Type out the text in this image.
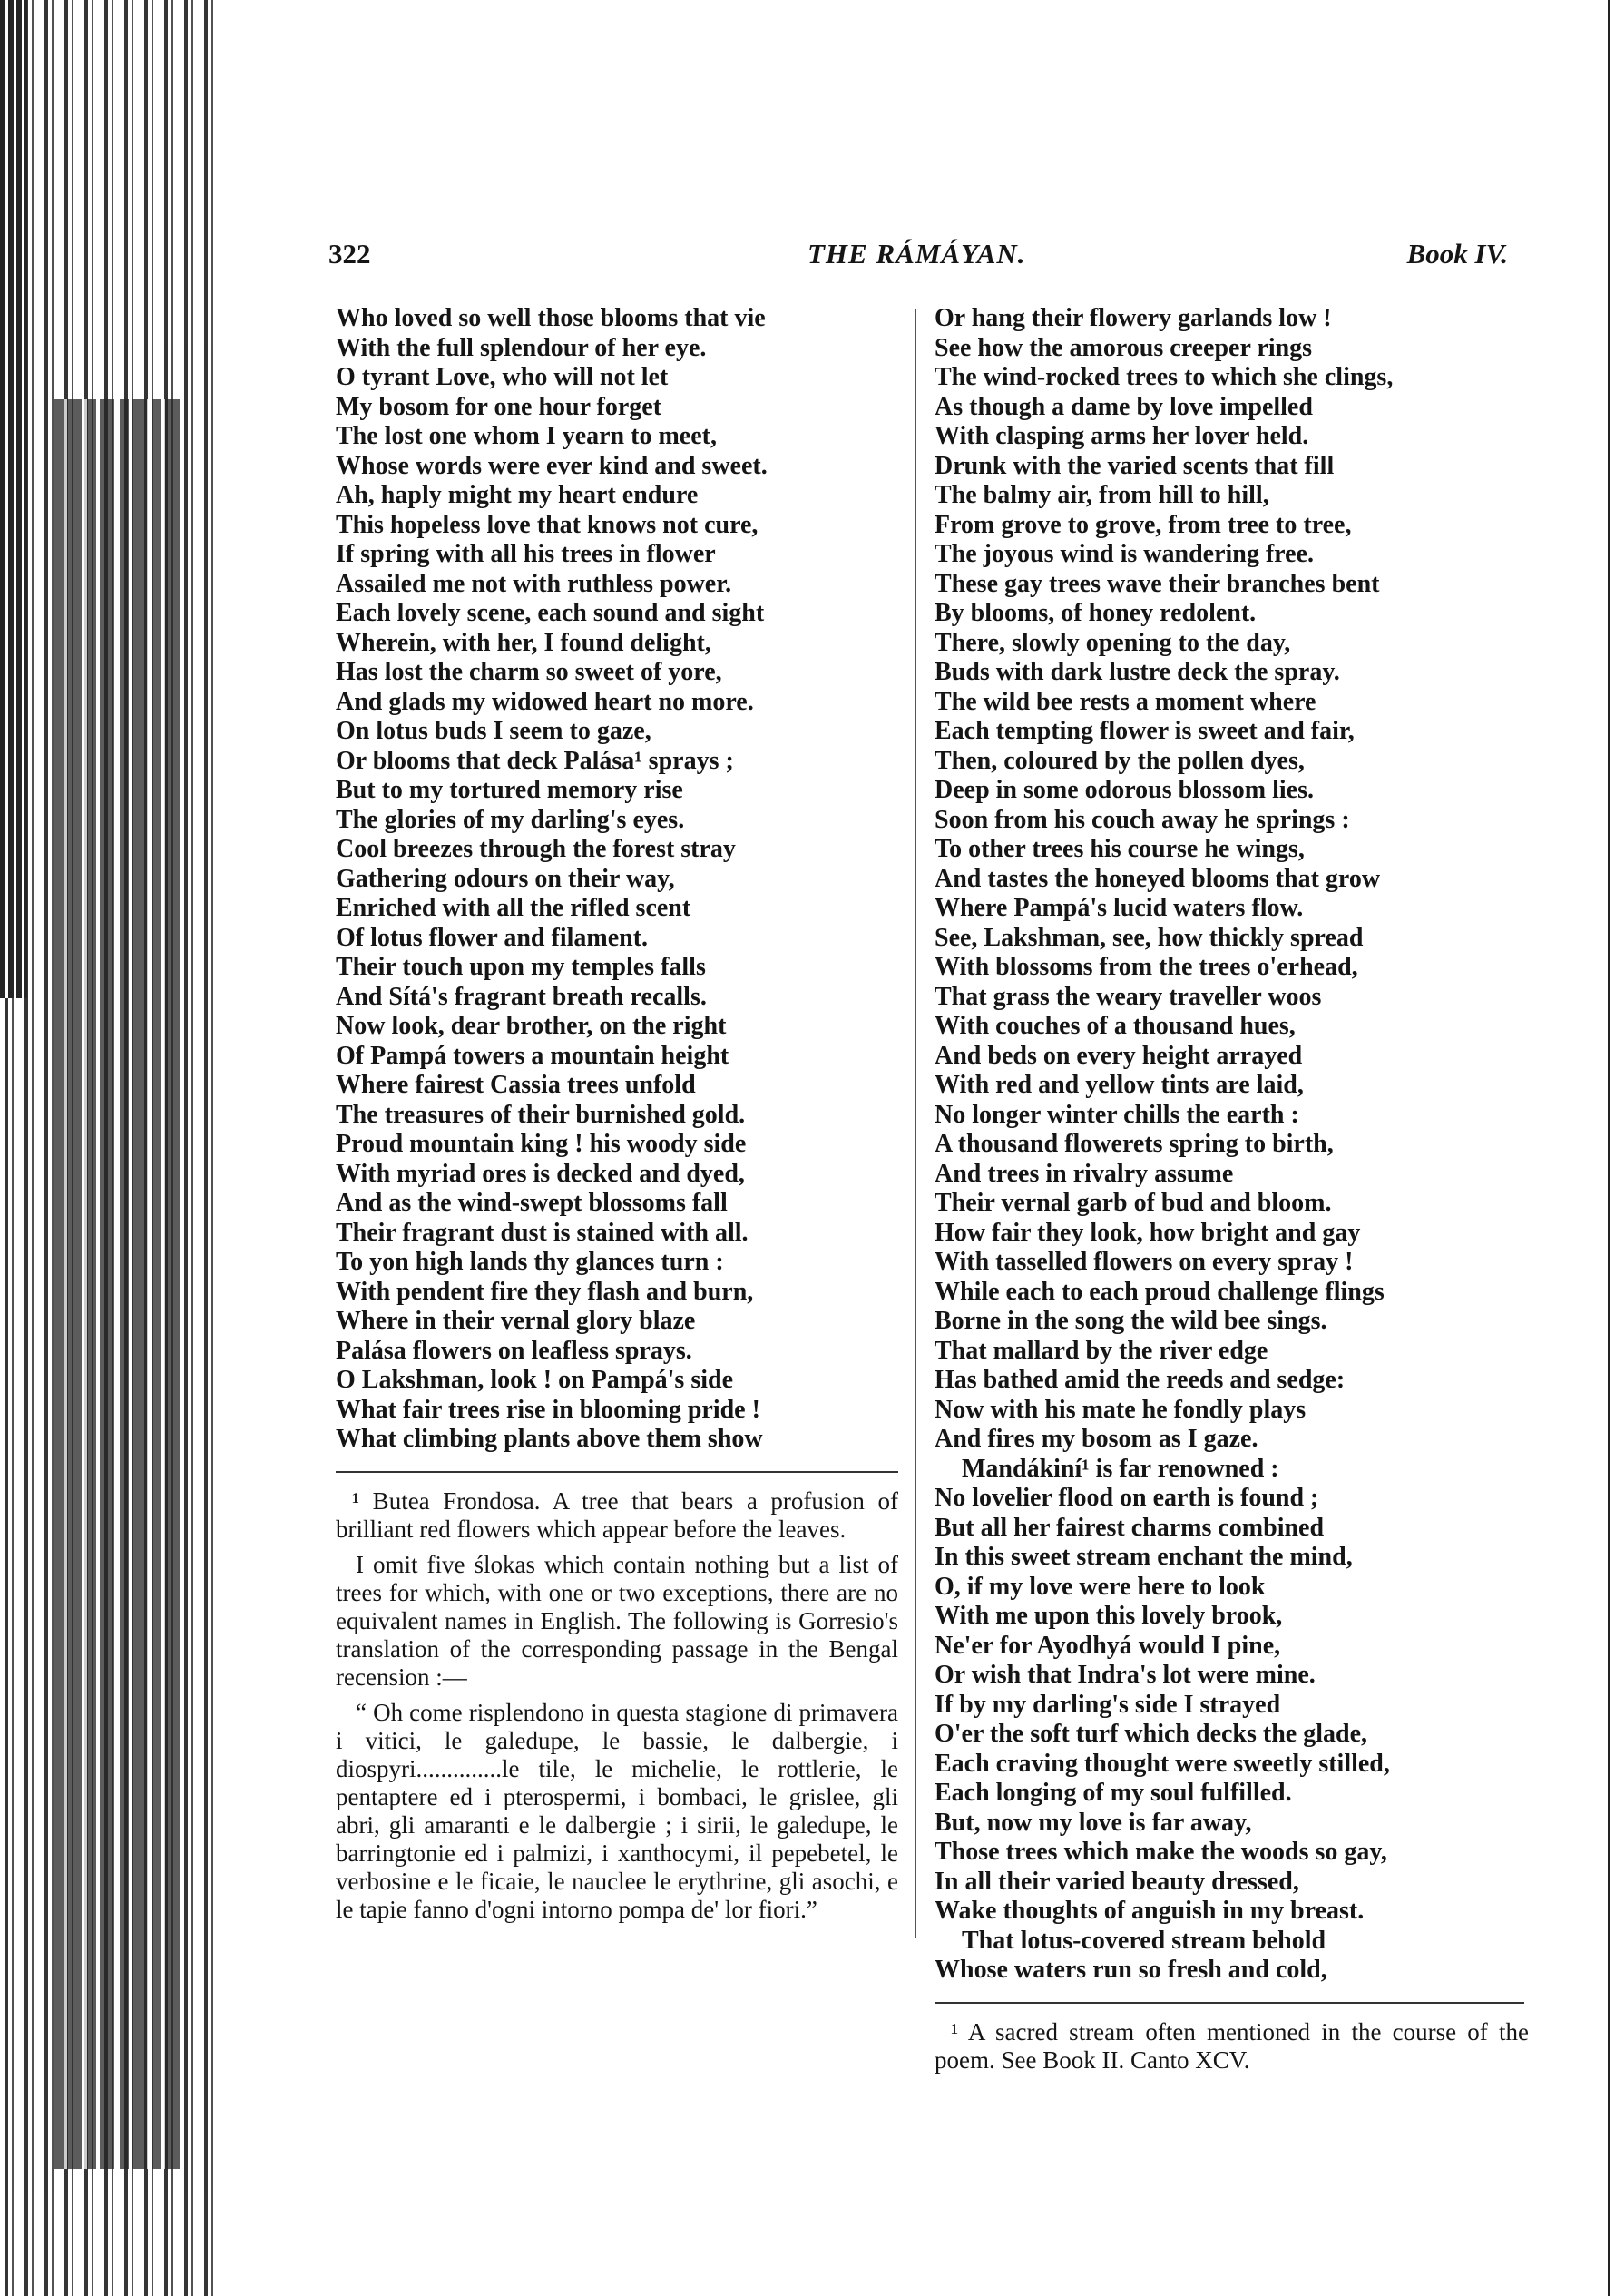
322	THE RÁMÁYAN.	Book IV.
Who loved so well those blooms that vie
With the full splendour of her eye.
O tyrant Love, who will not let
My bosom for one hour forget
The lost one whom I yearn to meet,
Whose words were ever kind and sweet.
Ah, haply might my heart endure
This hopeless love that knows not cure,
If spring with all his trees in flower
Assailed me not with ruthless power.
Each lovely scene, each sound and sight
Wherein, with her, I found delight,
Has lost the charm so sweet of yore,
And glads my widowed heart no more.
On lotus buds I seem to gaze,
Or blooms that deck Palása¹ sprays ;
But to my tortured memory rise
The glories of my darling's eyes.
Cool breezes through the forest stray
Gathering odours on their way,
Enriched with all the rifled scent
Of lotus flower and filament.
Their touch upon my temples falls
And Sítá's fragrant breath recalls.
Now look, dear brother, on the right
Of Pampá towers a mountain height
Where fairest Cassia trees unfold
The treasures of their burnished gold.
Proud mountain king ! his woody side
With myriad ores is decked and dyed,
And as the wind-swept blossoms fall
Their fragrant dust is stained with all.
To yon high lands thy glances turn :
With pendent fire they flash and burn,
Where in their vernal glory blaze
Palása flowers on leafless sprays.
O Lakshman, look ! on Pampá's side
What fair trees rise in blooming pride !
What climbing plants above them show

¹ Butea Frondosa. A tree that bears a profusion of brilliant red flowers which appear before the leaves.

I omit five ślokas which contain nothing but a list of trees for which, with one or two exceptions, there are no equivalent names in English. The following is Gorresio's translation of the corresponding passage in the Bengal recension :—

“ Oh come risplendono in questa stagione di primavera i vitici, le galedupe, le bassie, le dalbergie, i diospyri..............le tile, le michelie, le rottlerie, le pentaptere ed i pterospermi, i bombaci, le grislee, gli abri, gli amaranti e le dalbergie ; i sirii, le galedupe, le barringtonie ed i palmizi, i xanthocymi, il pepebetel, le verbosine e le ficaie, le nauclee le erythrine, gli asochi, e le tapie fanno d'ogni intorno pompa de' lor fiori.”

Or hang their flowery garlands low !
See how the amorous creeper rings
The wind-rocked trees to which she clings,
As though a dame by love impelled
With clasping arms her lover held.
Drunk with the varied scents that fill
The balmy air, from hill to hill,
From grove to grove, from tree to tree,
The joyous wind is wandering free.
These gay trees wave their branches bent
By blooms, of honey redolent.
There, slowly opening to the day,
Buds with dark lustre deck the spray.
The wild bee rests a moment where
Each tempting flower is sweet and fair,
Then, coloured by the pollen dyes,
Deep in some odorous blossom lies.
Soon from his couch away he springs :
To other trees his course he wings,
And tastes the honeyed blooms that grow
Where Pampá's lucid waters flow.
See, Lakshman, see, how thickly spread
With blossoms from the trees o'erhead,
That grass the weary traveller woos
With couches of a thousand hues,
And beds on every height arrayed
With red and yellow tints are laid,
No longer winter chills the earth :
A thousand flowerets spring to birth,
And trees in rivalry assume
Their vernal garb of bud and bloom.
How fair they look, how bright and gay
With tasselled flowers on every spray !
While each to each proud challenge flings
Borne in the song the wild bee sings.
That mallard by the river edge
Has bathed amid the reeds and sedge:
Now with his mate he fondly plays
And fires my bosom as I gaze.
Mandákiní¹ is far renowned :
No lovelier flood on earth is found ;
But all her fairest charms combined
In this sweet stream enchant the mind,
O, if my love were here to look
With me upon this lovely brook,
Ne'er for Ayodhyá would I pine,
Or wish that Indra's lot were mine.
If by my darling's side I strayed
O'er the soft turf which decks the glade,
Each craving thought were sweetly stilled,
Each longing of my soul fulfilled.
But, now my love is far away,
Those trees which make the woods so gay,
In all their varied beauty dressed,
Wake thoughts of anguish in my breast.
That lotus-covered stream behold
Whose waters run so fresh and cold,

¹ A sacred stream often mentioned in the course of the poem. See Book II. Canto XCV.
